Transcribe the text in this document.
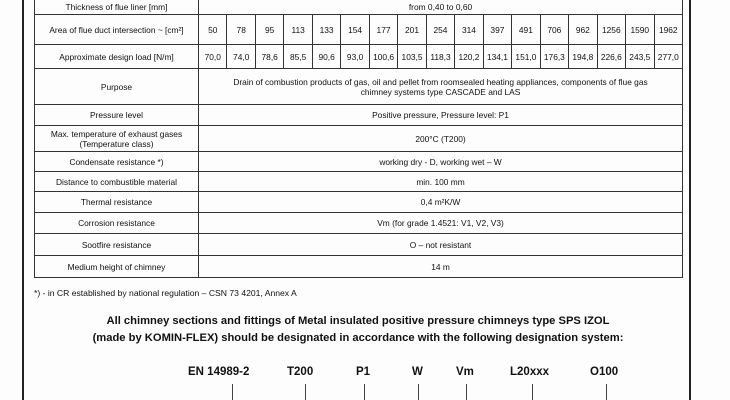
Thickness of flue liner [mm]	from 0,40 to 0,60																
Area of flue duct intersection ~ [cm²]	50	78	95	113	133	154	177	201	254	314	397	491	706	962	1256	1590	1962
Approximate design load [N/m]	70,0	74,0	78,6	85,5	90,6	93,0	100,6	103,5	118,3	120,2	134,1	151,0	176,3	194,8	226,6	243,5	277,0
Purpose	Drain of combustion products of gas, oil and pellet from roomsealed heating appliances, components of flue gas chimney systems type CASCADE and LAS																
Pressure level	Positive pressure, Pressure level: P1																
Max. temperature of exhaust gases (Temperature class)	200°C (T200)																
Condensate resistance *)	working dry - D, working wet – W																
Distance to combustible material	min. 100 mm																
Thermal resistance	0,4 m²K/W																
Corrosion resistance	Vm (for grade 1.4521: V1, V2, V3)																
Sootfire resistance	O – not resistant																
Medium height of chimney	14 m																
*) - in CR established by national regulation – CSN 73 4201, Annex A
All chimney sections and fittings of Metal insulated positive pressure chimneys type SPS IZOL
(made by KOMIN-FLEX) should be designated in accordance with the following designation system:
EN 14989-2	T200	P1	W	Vm	L20xxx	O100
